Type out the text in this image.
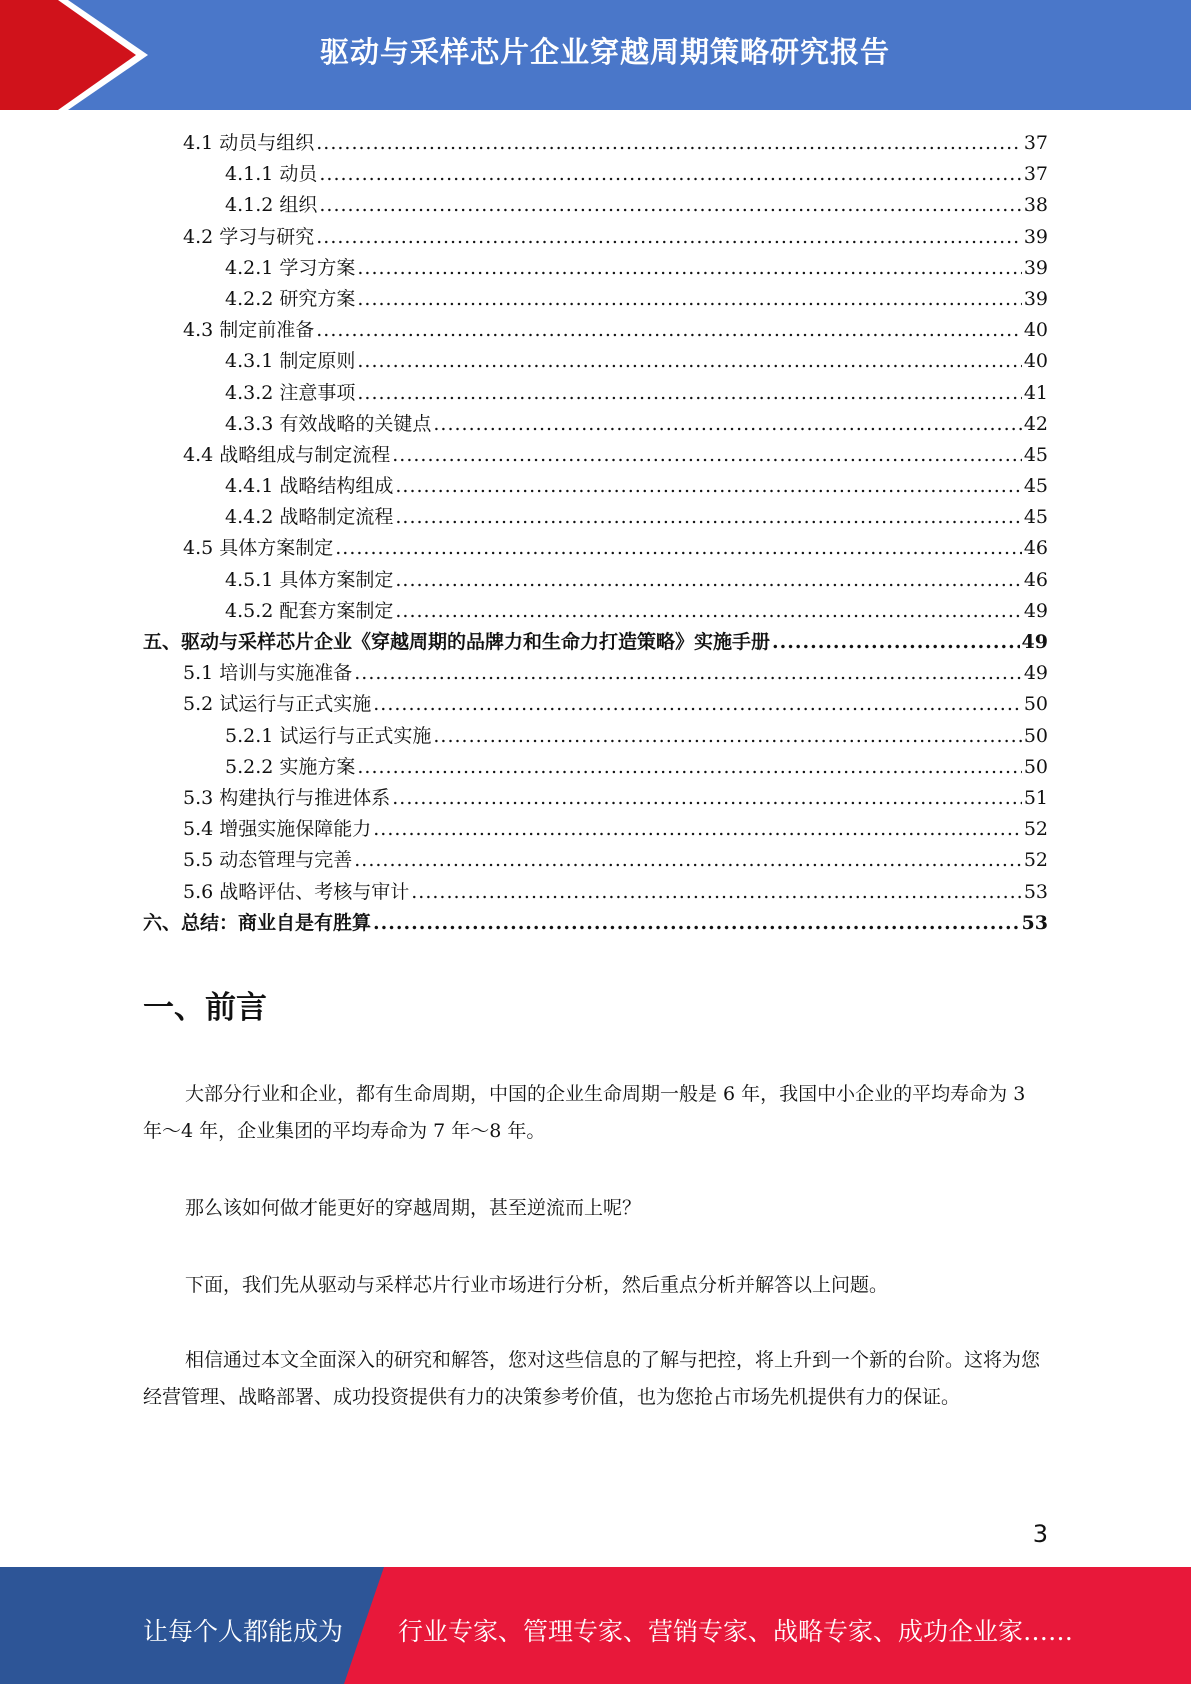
驱动与采样芯片企业穿越周期策略研究报告
4.1 动员与组织 .....	37
4.1.1 动员 .....	37
4.1.2 组织 .....	38
4.2 学习与研究 .....	39
4.2.1 学习方案 .....	39
4.2.2 研究方案 .....	39
4.3 制定前准备 .....	40
4.3.1 制定原则 .....	40
4.3.2 注意事项 .....	41
4.3.3 有效战略的关键点 .....	42
4.4 战略组成与制定流程 .....	45
4.4.1 战略结构组成 .....	45
4.4.2 战略制定流程 .....	45
4.5 具体方案制定 .....	46
4.5.1 具体方案制定 .....	46
4.5.2 配套方案制定 .....	49
五、驱动与采样芯片企业《穿越周期的品牌力和生命力打造策略》实施手册 .....	49
5.1 培训与实施准备 .....	49
5.2 试运行与正式实施 .....	50
5.2.1 试运行与正式实施 .....	50
5.2.2 实施方案 .....	50
5.3 构建执行与推进体系 .....	51
5.4 增强实施保障能力 .....	52
5.5 动态管理与完善 .....	52
5.6 战略评估、考核与审计 .....	53
六、总结：商业自是有胜算 .....	53
一、前言
大部分行业和企业，都有生命周期，中国的企业生命周期一般是 6 年，我国中小企业的平均寿命为 3 年～4 年，企业集团的平均寿命为 7 年～8 年。
那么该如何做才能更好的穿越周期，甚至逆流而上呢？
下面，我们先从驱动与采样芯片行业市场进行分析，然后重点分析并解答以上问题。
相信通过本文全面深入的研究和解答，您对这些信息的了解与把控，将上升到一个新的台阶。这将为您经营管理、战略部署、成功投资提供有力的决策参考价值，也为您抢占市场先机提供有力的保证。
3
让每个人都能成为 行业专家、管理专家、营销专家、战略专家、成功企业家……
